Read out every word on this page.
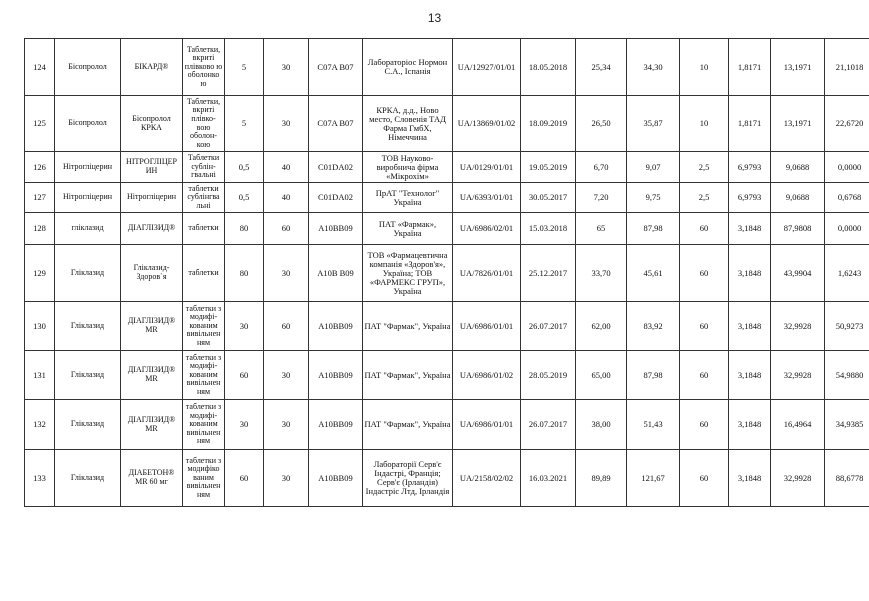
13
124	Бісопролол	БІКАРД®	Таблетки, вкриті плівково ю оболонко ю	5	30	C07A B07	Лабораторіос Нормон С.А., Іспанія	UA/12927/01/01	18.05.2018	25,34	34,30	10	1,8171	13,1971	21,1018
125	Бісопролол	Бісопролол КРКА	Таблетки, вкриті плівко- вою оболон- кою	5	30	C07A B07	КРКА, д.д., Ново место, Словенія ТАД Фарма ГмбХ, Німеччина	UA/13869/01/02	18.09.2019	26,50	35,87	10	1,8171	13,1971	22,6720
126	Нітрогліцерин	НІТРОГЛІЦЕР ИН	Таблетки сублін- гвальні	0,5	40	C01DA02	ТОВ Науково- виробнича фірма «Мікрохім»	UA/0129/01/01	19.05.2019	6,70	9,07	2,5	6,9793	9,0688	0,0000
127	Нітрогліцерин	Нітрогліцерин	таблетки сублінгва льні	0,5	40	C01DA02	ПрАТ "Технолог" Україна	UA/6393/01/01	30.05.2017	7,20	9,75	2,5	6,9793	9,0688	0,6768
128	гліклазид	ДІАГЛІЗИД®	таблетки	80	60	A10BB09	ПАТ «Фармак», Україна	UA/6986/02/01	15.03.2018	65	87,98	60	3,1848	87,9808	0,0000
129	Гліклазид	Гліклазид- Здоров`я	таблетки	80	30	A10B B09	ТОВ «Фармацевтична компанія «Здоров'я», Україна; ТОВ «ФАРМЕКС ГРУП», Україна	UA/7826/01/01	25.12.2017	33,70	45,61	60	3,1848	43,9904	1,6243
130	Гліклазид	ДІАГЛІЗИД® MR	таблетки з модифі- кованим вивільнен ням	30	60	A10BB09	ПАТ "Фармак", Україна	UA/6986/01/01	26.07.2017	62,00	83,92	60	3,1848	32,9928	50,9273
131	Гліклазид	ДІАГЛІЗИД® MR	таблетки з модифі- кованим вивільнен ням	60	30	A10BB09	ПАТ "Фармак", Україна	UA/6986/01/02	28.05.2019	65,00	87,98	60	3,1848	32,9928	54,9880
132	Гліклазид	ДІАГЛІЗИД® MR	таблетки з модифі- кованим вивільнен ням	30	30	A10BB09	ПАТ "Фармак", Україна	UA/6986/01/01	26.07.2017	38,00	51,43	60	3,1848	16,4964	34,9385
133	Гліклазид	ДІАБЕТОН® MR 60 мг	таблетки з модифіко ваним вивільнен ням	60	30	A10BB09	Лабораторії Серв'є Індастрі, Франція; Серв'є (Ірландія) Індастріс Лтд, Ірландія	UA/2158/02/02	16.03.2021	89,89	121,67	60	3,1848	32,9928	88,6778
